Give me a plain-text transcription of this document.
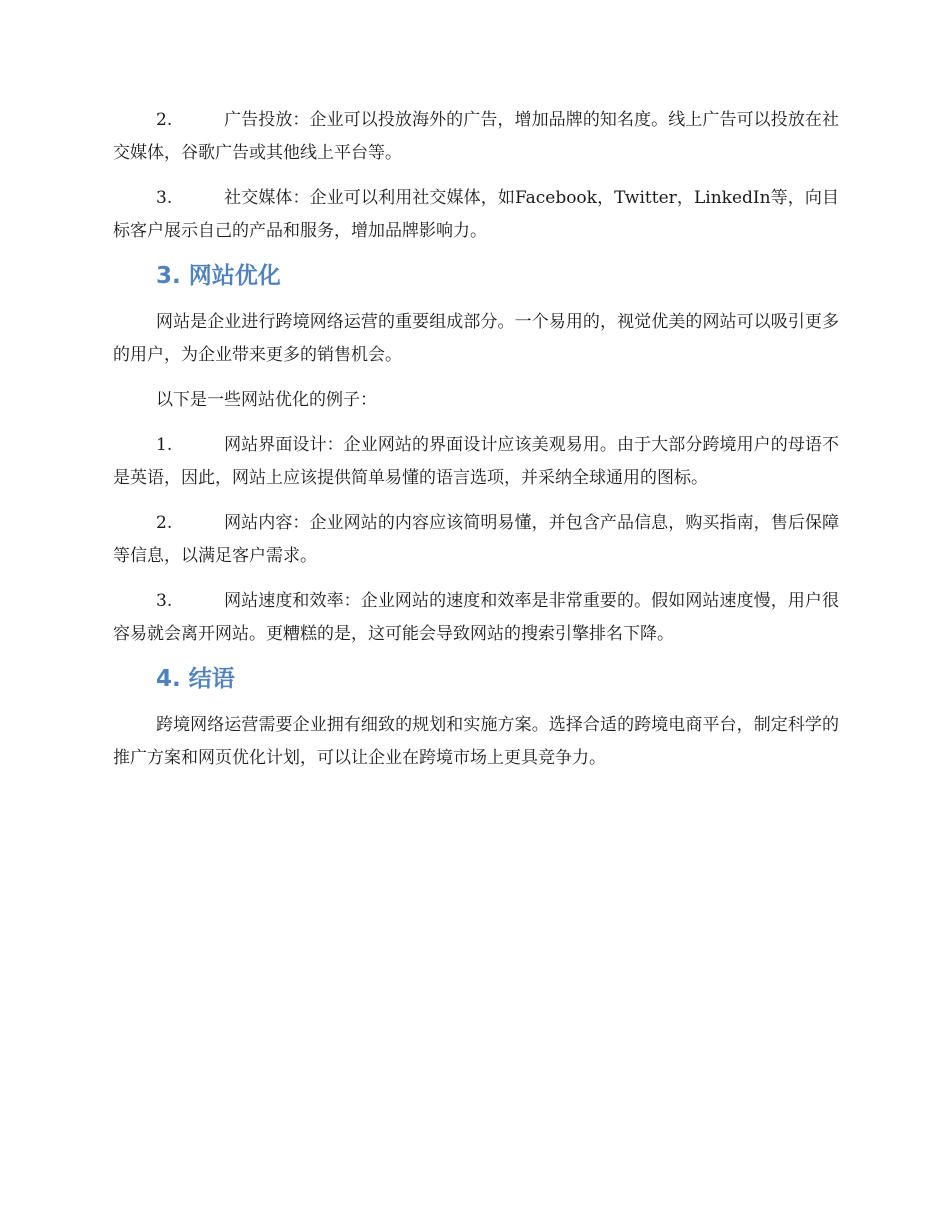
2.	广告投放：企业可以投放海外的广告，增加品牌的知名度。线上广告可以投放在社交媒体，谷歌广告或其他线上平台等。
3.	社交媒体：企业可以利用社交媒体，如Facebook，Twitter，LinkedIn等，向目标客户展示自己的产品和服务，增加品牌影响力。
3. 网站优化

网站是企业进行跨境网络运营的重要组成部分。一个易用的，视觉优美的网站可以吸引更多的用户，为企业带来更多的销售机会。

以下是一些网站优化的例子：

1.	网站界面设计：企业网站的界面设计应该美观易用。由于大部分跨境用户的母语不是英语，因此，网站上应该提供简单易懂的语言选项，并采纳全球通用的图标。
2.	网站内容：企业网站的内容应该简明易懂，并包含产品信息，购买指南，售后保障等信息，以满足客户需求。
3.	网站速度和效率：企业网站的速度和效率是非常重要的。假如网站速度慢，用户很容易就会离开网站。更糟糕的是，这可能会导致网站的搜索引擎排名下降。
4. 结语

跨境网络运营需要企业拥有细致的规划和实施方案。选择合适的跨境电商平台，制定科学的推广方案和网页优化计划，可以让企业在跨境市场上更具竞争力。
